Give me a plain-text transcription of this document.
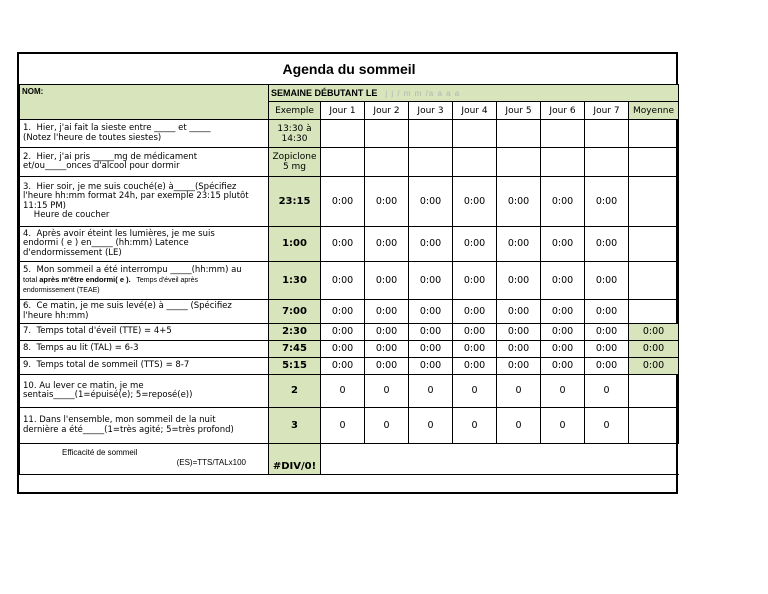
Agenda du sommeil									
NOM:	SEMAINE DÉBUTANT LE j j / m m /a a a a								
	Exemple	Jour 1	Jour 2	Jour 3	Jour 4	Jour 5	Jour 6	Jour 7	Moyenne

1.  Hier, j'ai fait la sieste entre _____ et _____
(Notez l'heure de toutes siestes)	13:30 à 14:30								

2.  Hier, j'ai pris _____mg de médicament
et/ou_____onces d'alcool pour dormir	Zopiclone 5 mg								

3.  Hier soir, je me suis couché(e) à_____(Spécifiez
l'heure hh:mm format 24h, par exemple 23:15 plutôt
11:15 PM)
Heure de coucher	23:15	0:00	0:00	0:00	0:00	0:00	0:00	0:00	

4.  Après avoir éteint les lumières, je me suis
endormi ( e ) en_____ (hh:mm) Latence
d'endormissement (LE)	1:00	0:00	0:00	0:00	0:00	0:00	0:00	0:00	

5.  Mon sommeil a été interrompu _____(hh:mm) au
total après m'être endormi( e ).   Temps d'éveil après
endormissement (TEAE)	1:30	0:00	0:00	0:00	0:00	0:00	0:00	0:00	

6.  Ce matin, je me suis levé(e) à _____ (Spécifiez
l'heure hh:mm)	7:00	0:00	0:00	0:00	0:00	0:00	0:00	0:00	

7.  Temps total d'éveil (TTE) = 4+5	2:30	0:00	0:00	0:00	0:00	0:00	0:00	0:00	0:00

8.  Temps au lit (TAL) = 6-3	7:45	0:00	0:00	0:00	0:00	0:00	0:00	0:00	0:00

9.  Temps total de sommeil (TTS) = 8-7	5:15	0:00	0:00	0:00	0:00	0:00	0:00	0:00	0:00

10. Au lever ce matin, je me
sentais_____(1=épuisé(e); 5=reposé(e))	2	0	0	0	0	0	0	0	

11. Dans l'ensemble, mon sommeil de la nuit
dernière a été_____(1=très agité; 5=très profond)	3	0	0	0	0	0	0	0	

Efficacité de sommeil
(ES)=TTS/TALx100	#DIV/0!								
